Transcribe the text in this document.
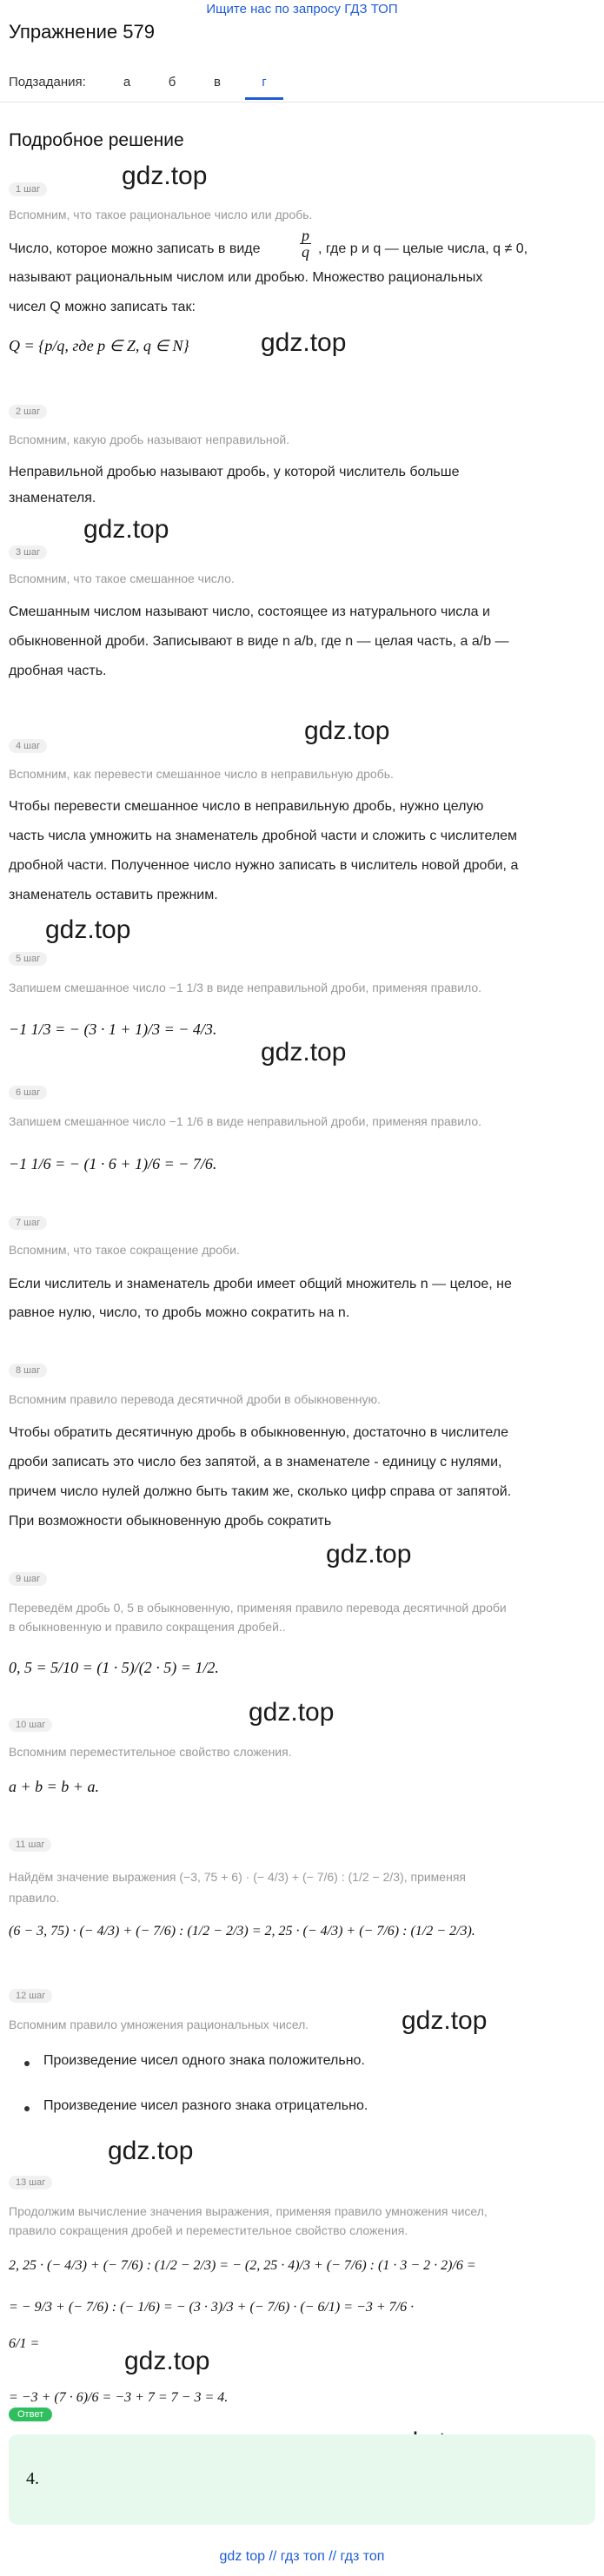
Ищите нас по запросу ГДЗ ТОП
Упражнение 579
Подзадания:	а	б	в	г
Подробное решение
gdz.top
1 шаг
Вспомним, что такое рациональное число или дробь.
Число, которое можно записать в виде	$\frac{p}{q}$ , где p и q — целые числа, q ≠ 0,
называют рациональным числом или дробью. Множество рациональных
чисел Q можно записать так:
Q = {p/q, где p ∈ Z, q ∈ N}	gdz.top
2 шаг
Вспомним, какую дробь называют неправильной.
Неправильной дробью называют дробь, у которой числитель больше знаменателя.
gdz.top
3 шаг
Вспомним, что такое смешанное число.
Смешанным числом называют число, состоящее из натурального числа и
обыкновенной дроби. Записывают в виде n a/b, где n — целая часть, a a/b —
дробная часть.
gdz.top
4 шаг
Вспомним, как перевести смешанное число в неправильную дробь.
Чтобы перевести смешанное число в неправильную дробь, нужно целую
часть числа умножить на знаменатель дробной части и сложить с числителем
дробной части. Полученное число нужно записать в числитель новой дроби, а
знаменатель оставить прежним.
gdz.top
5 шаг
Запишем смешанное число −1 1/3 в виде неправильной дроби, применяя правило.
−1 1/3 = − (3 · 1 + 1)/3 = − 4/3.
gdz.top
6 шаг
Запишем смешанное число −1 1/6 в виде неправильной дроби, применяя правило.
−1 1/6 = − (1 · 6 + 1)/6 = − 7/6.
7 шаг
Вспомним, что такое сокращение дроби.
Если числитель и знаменатель дроби имеет общий множитель n — целое, не
равное нулю, число, то дробь можно сократить на n.
8 шаг
Вспомним правило перевода десятичной дроби в обыкновенную.
Чтобы обратить десятичную дробь в обыкновенную, достаточно в числителе
дроби записать это число без запятой, а в знаменателе - единицу с нулями,
причем число нулей должно быть таким же, сколько цифр справа от запятой.
При возможности обыкновенную дробь сократить
gdz.top
9 шаг
Переведём дробь 0, 5 в обыкновенную, применяя правило перевода десятичной дроби
в обыкновенную и правило сокращения дробей..
0, 5 = 5/10 = (1 · 5)/(2 · 5) = 1/2.
gdz.top
10 шаг
Вспомним переместительное свойство сложения.
a + b = b + a.
11 шаг
Найдём значение выражения (−3, 75 + 6) · (− 4/3) + (− 7/6) : (1/2 − 2/3), применяя
правило.
(6 − 3, 75) · (− 4/3) + (− 7/6) : (1/2 − 2/3) = 2, 25 · (− 4/3) + (− 7/6) : (1/2 − 2/3).
12 шаг
Вспомним правило умножения рациональных чисел.	gdz.top
Произведение чисел одного знака положительно.
Произведение чисел разного знака отрицательно.
gdz.top
13 шаг
Продолжим вычисление значения выражения, применяя правило умножения чисел,
правило сокращения дробей и переместительное свойство сложения.
2, 25 · (− 4/3) + (− 7/6) : (1/2 − 2/3) = − (2, 25 · 4)/3 + (− 7/6) : (1 · 3 − 2 · 2)/6 =
= − 9/3 + (− 7/6) : (− 1/6) = − (3 · 3)/3 + (− 7/6) · (− 6/1) = −3 + 7/6 ·
6/1 =
gdz.top
= −3 + (7 · 6)/6 = −3 + 7 = 7 − 3 = 4.
Ответ
4.
gdz top // гдз топ // гдз топ
